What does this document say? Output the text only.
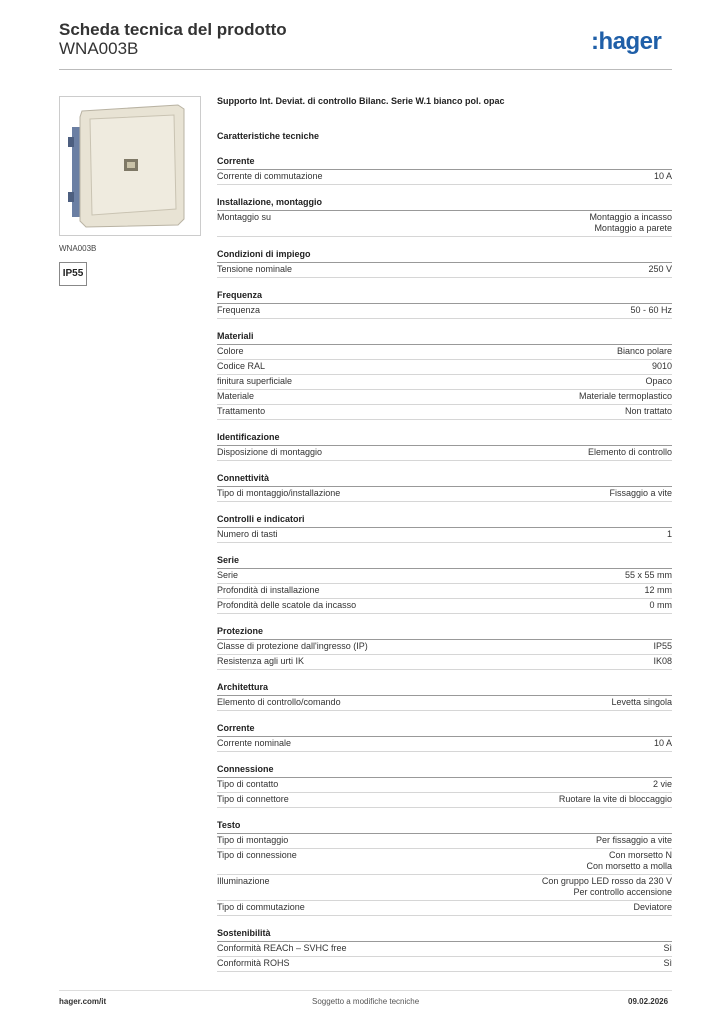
Scheda tecnica del prodotto
WNA003B	:hager
WNA003B
IP55
Supporto Int. Deviat. di controllo Bilanc. Serie W.1 bianco pol. opac
Caratteristiche tecniche
Corrente
Corrente di commutazione	10 A
Installazione, montaggio
Montaggio su	Montaggio a incasso
Montaggio a parete
Condizioni di impiego
Tensione nominale	250 V
Frequenza
Frequenza	50 - 60 Hz
Materiali
Colore	Bianco polare
Codice RAL	9010
finitura superficiale	Opaco
Materiale	Materiale termoplastico
Trattamento	Non trattato
Identificazione
Disposizione di montaggio	Elemento di controllo
Connettività
Tipo di montaggio/installazione	Fissaggio a vite
Controlli e indicatori
Numero di tasti	1
Serie
Serie	55 x 55 mm
Profondità di installazione	12 mm
Profondità delle scatole da incasso	0 mm
Protezione
Classe di protezione dall'ingresso (IP)	IP55
Resistenza agli urti IK	IK08
Architettura
Elemento di controllo/comando	Levetta singola
Corrente
Corrente nominale	10 A
Connessione
Tipo di contatto	2 vie
Tipo di connettore	Ruotare la vite di bloccaggio
Testo
Tipo di montaggio	Per fissaggio a vite
Tipo di connessione	Con morsetto N
Con morsetto a molla
Illuminazione	Con gruppo LED rosso da 230 V
Per controllo accensione
Tipo di commutazione	Deviatore
Sostenibilità
Conformità REACh – SVHC free	Sì
Conformità ROHS	Sì
hager.com/it	Soggetto a modifiche tecniche	09.02.2026
